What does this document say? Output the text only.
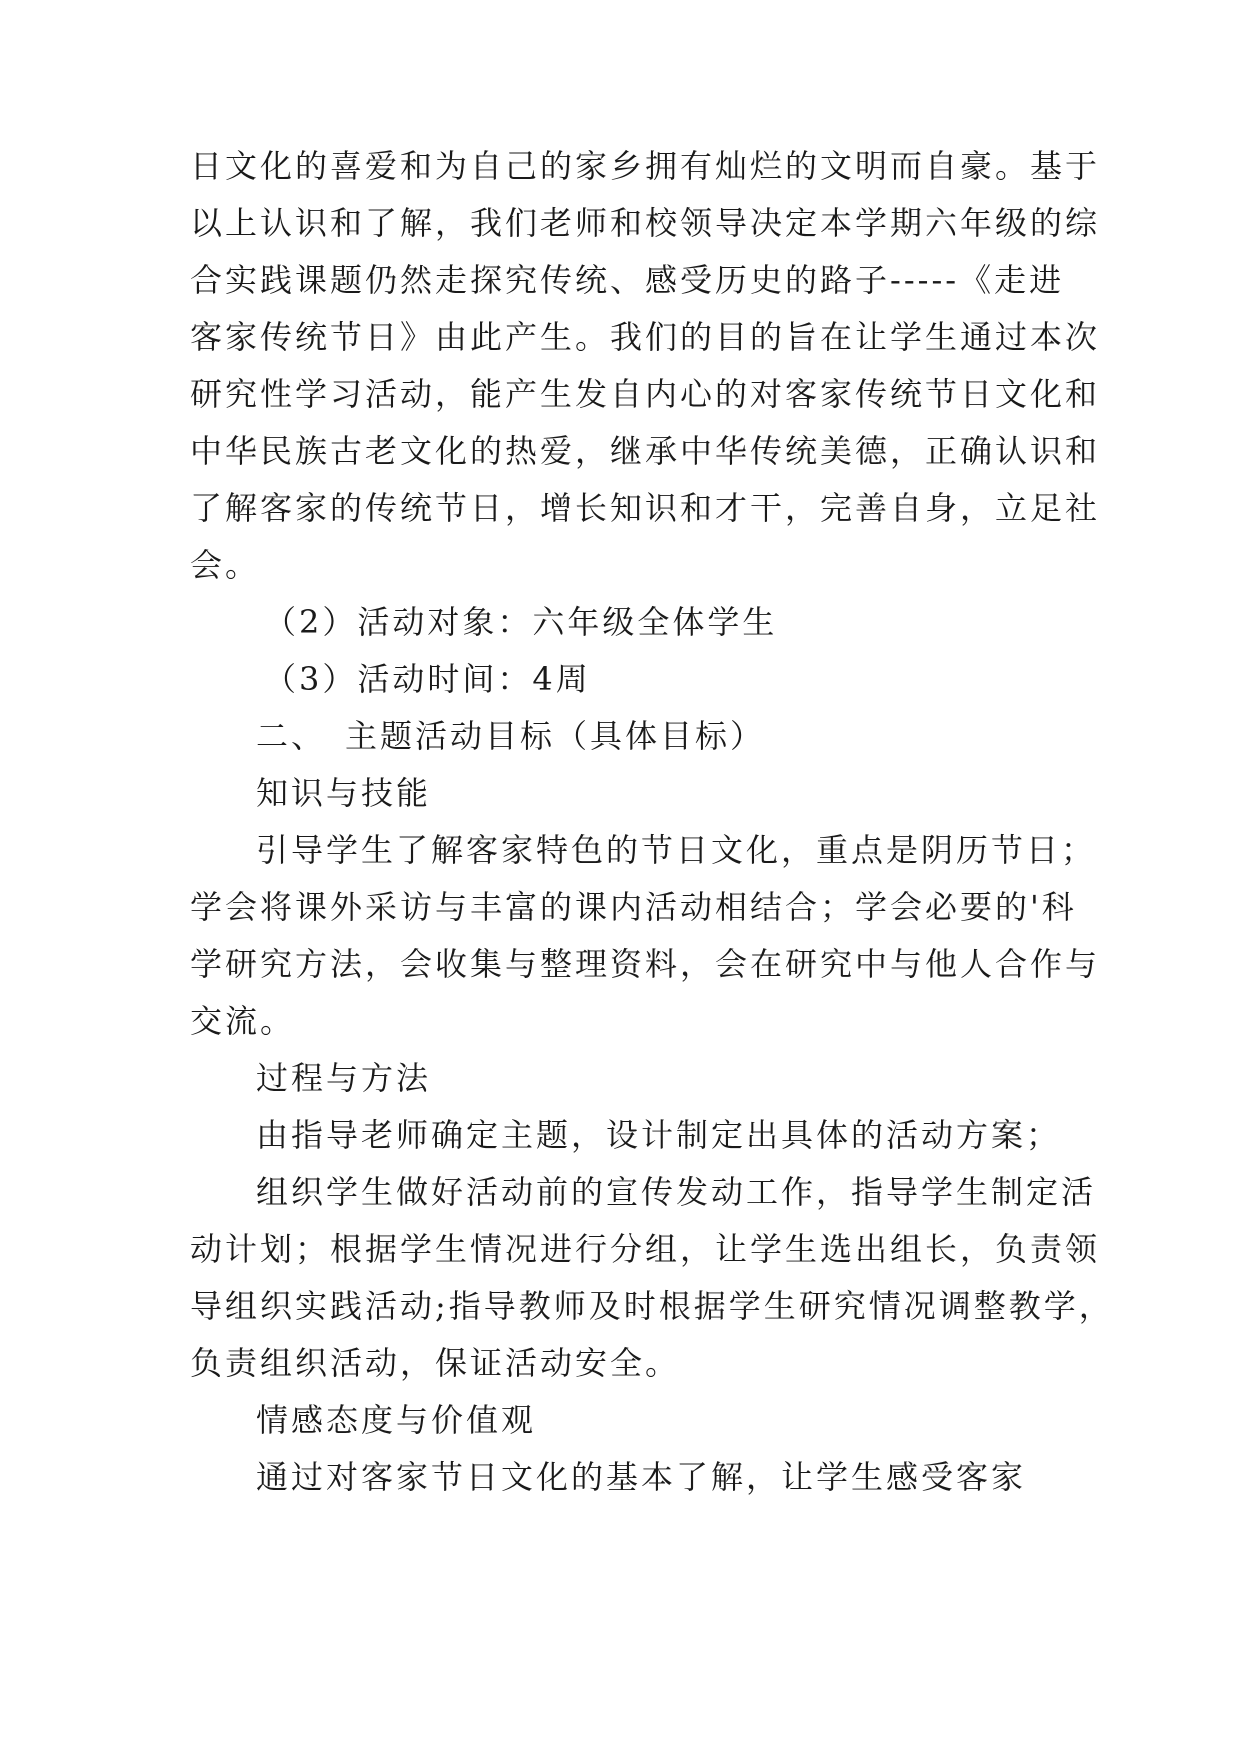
日文化的喜爱和为自己的家乡拥有灿烂的文明而自豪。基于
以上认识和了解，我们老师和校领导决定本学期六年级的综
合实践课题仍然走探究传统、感受历史的路子-----《走进
客家传统节日》由此产生。我们的目的旨在让学生通过本次
研究性学习活动，能产生发自内心的对客家传统节日文化和
中华民族古老文化的热爱，继承中华传统美德，正确认识和
了解客家的传统节日，增长知识和才干，完善自身，立足社
会。
（2）活动对象：六年级全体学生
（3）活动时间：4周
二、　主题活动目标（具体目标）
知识与技能
引导学生了解客家特色的节日文化，重点是阴历节日；
学会将课外采访与丰富的课内活动相结合；学会必要的'科
学研究方法，会收集与整理资料，会在研究中与他人合作与
交流。
过程与方法
由指导老师确定主题，设计制定出具体的活动方案；
组织学生做好活动前的宣传发动工作，指导学生制定活
动计划；根据学生情况进行分组，让学生选出组长，负责领
导组织实践活动;指导教师及时根据学生研究情况调整教学，
负责组织活动，保证活动安全。
情感态度与价值观
通过对客家节日文化的基本了解，让学生感受客家
